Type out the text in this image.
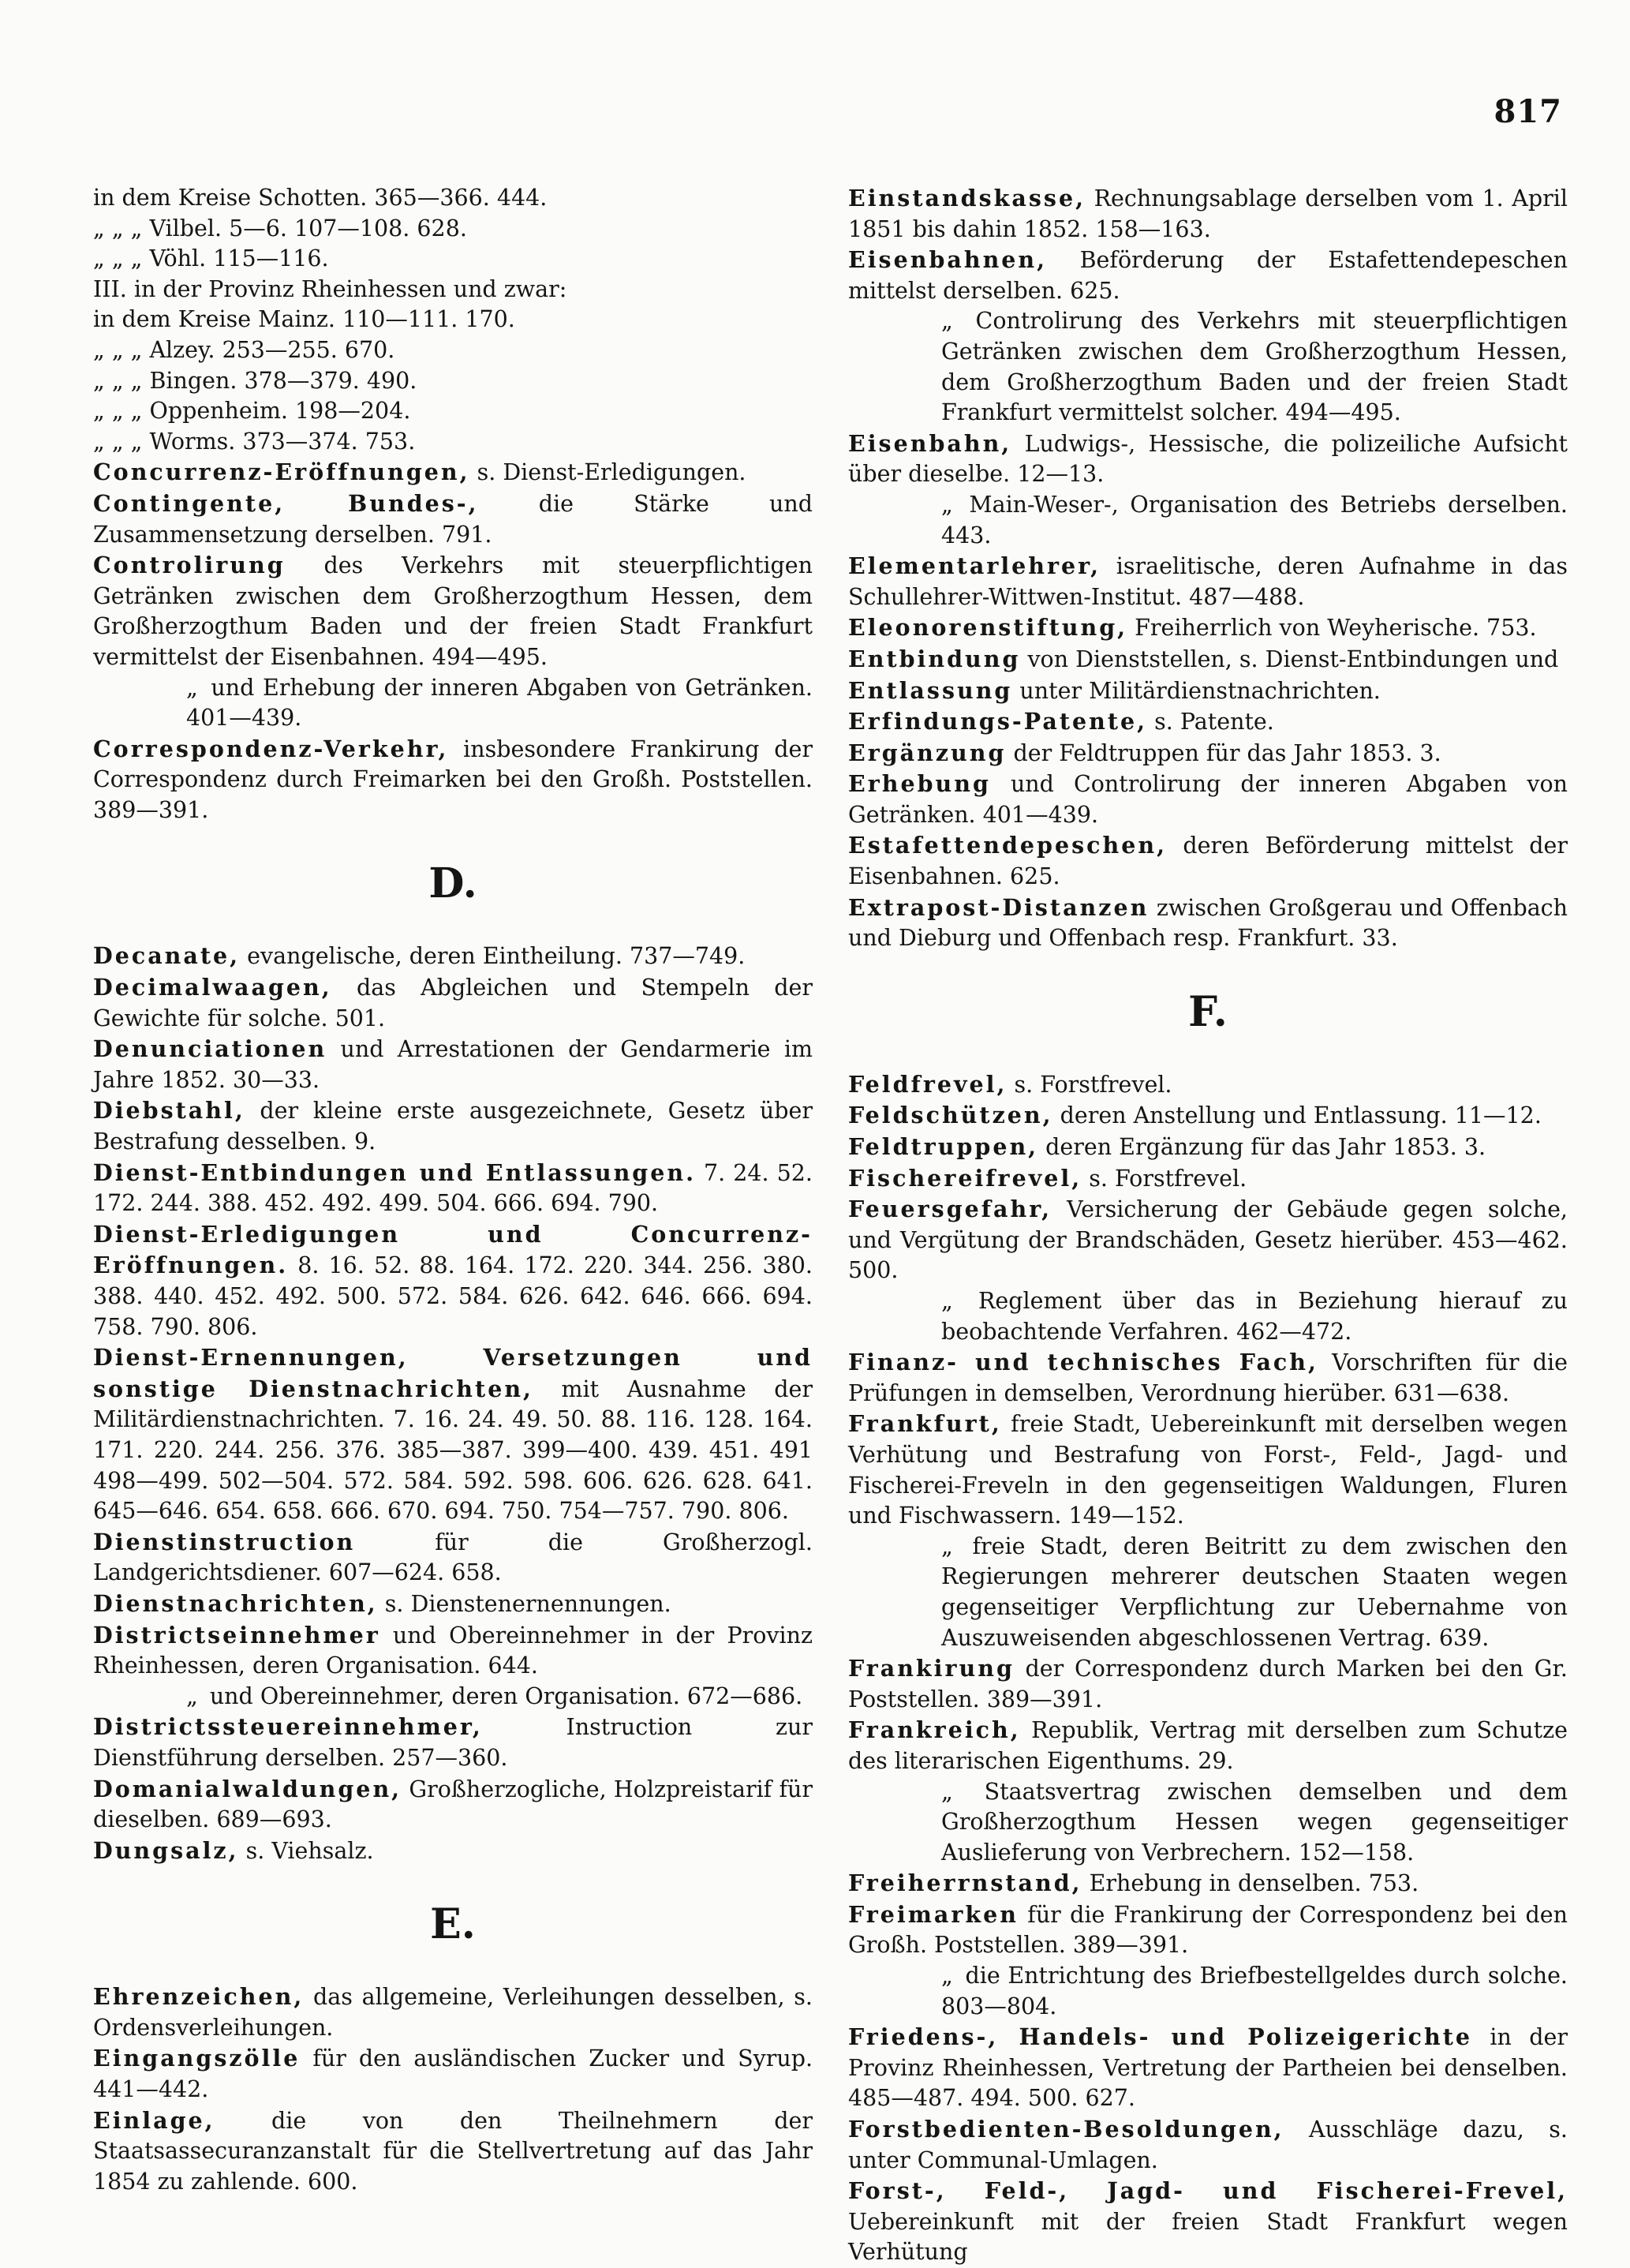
817

in dem Kreise Schotten. 365—366. 444.

„ „ „ Vilbel. 5—6. 107—108. 628.

„ „ „ Vöhl. 115—116.

III. in der Provinz Rheinhessen und zwar:

in dem Kreise Mainz. 110—111. 170.

„ „ „ Alzey. 253—255. 670.

„ „ „ Bingen. 378—379. 490.

„ „ „ Oppenheim. 198—204.

„ „ „ Worms. 373—374. 753.

Concurrenz-Eröffnungen, s. Dienst-Erledigungen.

Contingente, Bundes-, die Stärke und Zusammensetzung derselben. 791.

Controlirung des Verkehrs mit steuerpflichtigen Getränken zwischen dem Großherzogthum Hessen, dem Großherzogthum Baden und der freien Stadt Frankfurt vermittelst der Eisenbahnen. 494—495.

„ und Erhebung der inneren Abgaben von Getränken. 401—439.

Correspondenz-Verkehr, insbesondere Frankirung der Correspondenz durch Freimarken bei den Großh. Poststellen. 389—391.

D.

Decanate, evangelische, deren Eintheilung. 737—749.

Decimalwaagen, das Abgleichen und Stempeln der Gewichte für solche. 501.

Denunciationen und Arrestationen der Gendarmerie im Jahre 1852. 30—33.

Diebstahl, der kleine erste ausgezeichnete, Gesetz über Bestrafung desselben. 9.

Dienst-Entbindungen und Entlassungen. 7. 24. 52. 172. 244. 388. 452. 492. 499. 504. 666. 694. 790.

Dienst-Erledigungen und Concurrenz-Eröffnungen. 8. 16. 52. 88. 164. 172. 220. 344. 256. 380. 388. 440. 452. 492. 500. 572. 584. 626. 642. 646. 666. 694. 758. 790. 806.

Dienst-Ernennungen, Versetzungen und sonstige Dienstnachrichten, mit Ausnahme der Militärdienstnachrichten. 7. 16. 24. 49. 50. 88. 116. 128. 164. 171. 220. 244. 256. 376. 385—387. 399—400. 439. 451. 491 498—499. 502—504. 572. 584. 592. 598. 606. 626. 628. 641. 645—646. 654. 658. 666. 670. 694. 750. 754—757. 790. 806.

Dienstinstruction für die Großherzogl. Landgerichtsdiener. 607—624. 658.

Dienstnachrichten, s. Dienstenernennungen.

Districtseinnehmer und Obereinnehmer in der Provinz Rheinhessen, deren Organisation. 644.

„ und Obereinnehmer, deren Organisation. 672—686.

Districtssteuereinnehmer, Instruction zur Dienstführung derselben. 257—360.

Domanialwaldungen, Großherzogliche, Holzpreistarif für dieselben. 689—693.

Dungsalz, s. Viehsalz.

E.

Ehrenzeichen, das allgemeine, Verleihungen desselben, s. Ordensverleihungen.

Eingangszölle für den ausländischen Zucker und Syrup. 441—442.

Einlage, die von den Theilnehmern der Staatsassecuranzanstalt für die Stellvertretung auf das Jahr 1854 zu zahlende. 600.

Einstandskasse, Rechnungsablage derselben vom 1. April 1851 bis dahin 1852. 158—163.

Eisenbahnen, Beförderung der Estafettendepeschen mittelst derselben. 625.

„ Controlirung des Verkehrs mit steuerpflichtigen Getränken zwischen dem Großherzogthum Hessen, dem Großherzogthum Baden und der freien Stadt Frankfurt vermittelst solcher. 494—495.

Eisenbahn, Ludwigs-, Hessische, die polizeiliche Aufsicht über dieselbe. 12—13.

„ Main-Weser-, Organisation des Betriebs derselben. 443.

Elementarlehrer, israelitische, deren Aufnahme in das Schullehrer-Wittwen-Institut. 487—488.

Eleonorenstiftung, Freiherrlich von Weyherische. 753.

Entbindung von Dienststellen, s. Dienst-Entbindungen und

Entlassung unter Militärdienstnachrichten.

Erfindungs-Patente, s. Patente.

Ergänzung der Feldtruppen für das Jahr 1853. 3.

Erhebung und Controlirung der inneren Abgaben von Getränken. 401—439.

Estafettendepeschen, deren Beförderung mittelst der Eisenbahnen. 625.

Extrapost-Distanzen zwischen Großgerau und Offenbach und Dieburg und Offenbach resp. Frankfurt. 33.

F.

Feldfrevel, s. Forstfrevel.

Feldschützen, deren Anstellung und Entlassung. 11—12.

Feldtruppen, deren Ergänzung für das Jahr 1853. 3.

Fischereifrevel, s. Forstfrevel.

Feuersgefahr, Versicherung der Gebäude gegen solche, und Vergütung der Brandschäden, Gesetz hierüber. 453—462. 500.

„ Reglement über das in Beziehung hierauf zu beobachtende Verfahren. 462—472.

Finanz- und technisches Fach, Vorschriften für die Prüfungen in demselben, Verordnung hierüber. 631—638.

Frankfurt, freie Stadt, Uebereinkunft mit derselben wegen Verhütung und Bestrafung von Forst-, Feld-, Jagd- und Fischerei-Freveln in den gegenseitigen Waldungen, Fluren und Fischwassern. 149—152.

„ freie Stadt, deren Beitritt zu dem zwischen den Regierungen mehrerer deutschen Staaten wegen gegenseitiger Verpflichtung zur Uebernahme von Auszuweisenden abgeschlossenen Vertrag. 639.

Frankirung der Correspondenz durch Marken bei den Gr. Poststellen. 389—391.

Frankreich, Republik, Vertrag mit derselben zum Schutze des literarischen Eigenthums. 29.

„ Staatsvertrag zwischen demselben und dem Großherzogthum Hessen wegen gegenseitiger Auslieferung von Verbrechern. 152—158.

Freiherrnstand, Erhebung in denselben. 753.

Freimarken für die Frankirung der Correspondenz bei den Großh. Poststellen. 389—391.

„ die Entrichtung des Briefbestellgeldes durch solche. 803—804.

Friedens-, Handels- und Polizeigerichte in der Provinz Rheinhessen, Vertretung der Partheien bei denselben. 485—487. 494. 500. 627.

Forstbedienten-Besoldungen, Ausschläge dazu, s. unter Communal-Umlagen.

Forst-, Feld-, Jagd- und Fischerei-Frevel, Uebereinkunft mit der freien Stadt Frankfurt wegen Verhütung
